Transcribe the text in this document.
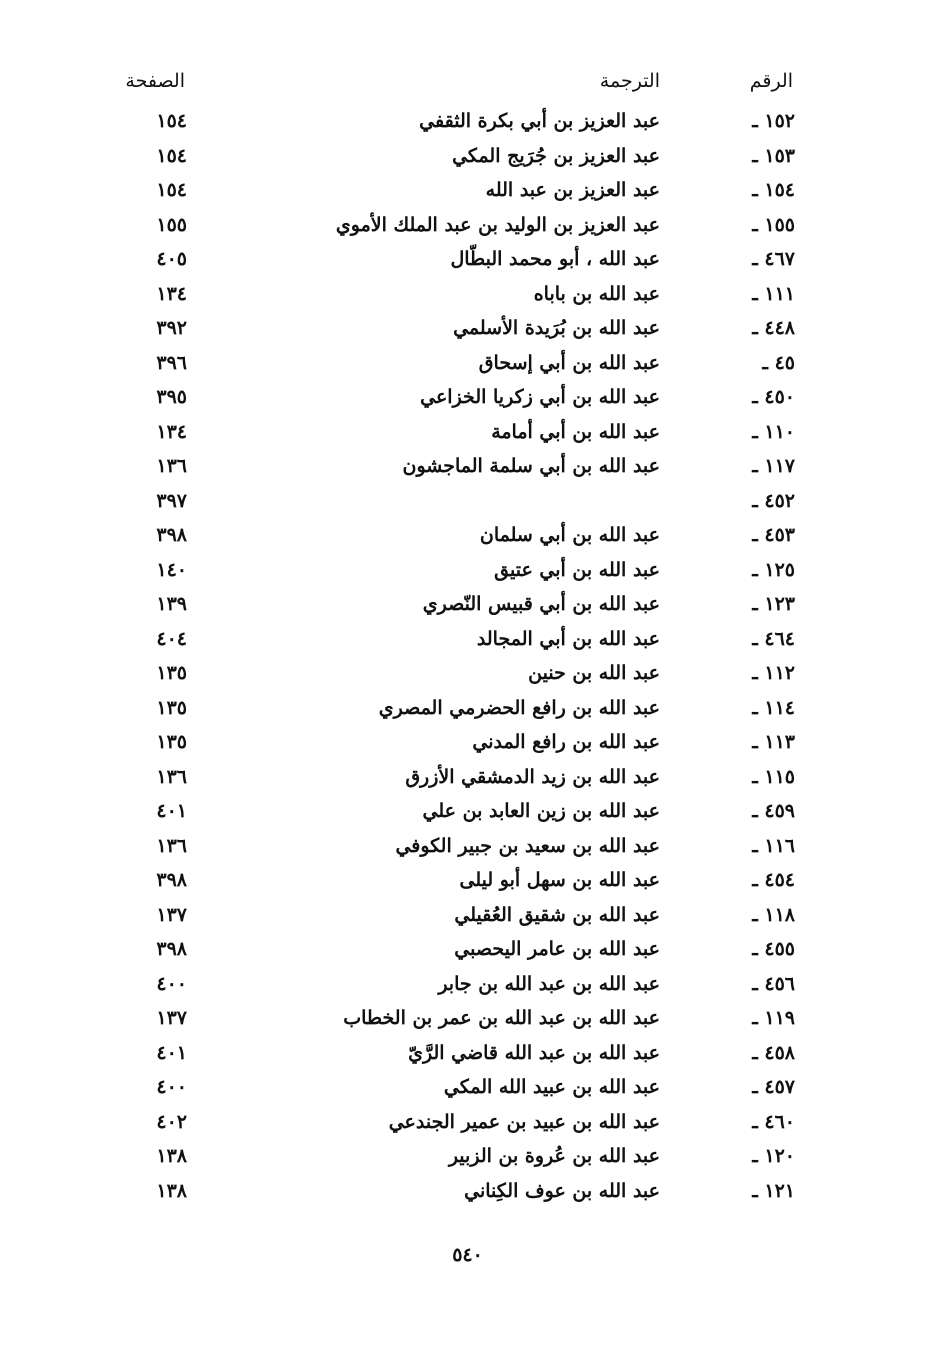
الرقم
الترجمة
الصفحة
١٥٢ ـ
عبد العزيز بن أبي بكرة الثقفي
١٥٤
١٥٣ ـ
عبد العزيز بن جُرَيج المكي
١٥٤
١٥٤ ـ
عبد العزيز بن عبد الله
١٥٤
١٥٥ ـ
عبد العزيز بن الوليد بن عبد الملك الأموي
١٥٥
٤٦٧ ـ
عبد الله ، أبو محمد البطّال
٤٠٥
١١١ ـ
عبد الله بن باباه
١٣٤
٤٤٨ ـ
عبد الله بن بُرَيدة الأسلمي
٣٩٢
٤٥ ـ
عبد الله بن أبي إسحاق
٣٩٦
٤٥٠ ـ
عبد الله بن أبي زكريا الخزاعي
٣٩٥
١١٠ ـ
عبد الله بن أبي أمامة
١٣٤
١١٧ ـ
عبد الله بن أبي سلمة الماجشون
١٣٦
٤٥٢ ـ
٣٩٧
٤٥٣ ـ
عبد الله بن أبي سلمان
٣٩٨
١٢٥ ـ
عبد الله بن أبي عتيق
١٤٠
١٢٣ ـ
عبد الله بن أبي قبيس النّصري
١٣٩
٤٦٤ ـ
عبد الله بن أبي المجالد
٤٠٤
١١٢ ـ
عبد الله بن حنين
١٣٥
١١٤ ـ
عبد الله بن رافع الحضرمي المصري
١٣٥
١١٣ ـ
عبد الله بن رافع المدني
١٣٥
١١٥ ـ
عبد الله بن زيد الدمشقي الأزرق
١٣٦
٤٥٩ ـ
عبد الله بن زين العابد بن علي
٤٠١
١١٦ ـ
عبد الله بن سعيد بن جبير الكوفي
١٣٦
٤٥٤ ـ
عبد الله بن سهل أبو ليلى
٣٩٨
١١٨ ـ
عبد الله بن شقيق العُقيلي
١٣٧
٤٥٥ ـ
عبد الله بن عامر اليحصبي
٣٩٨
٤٥٦ ـ
عبد الله بن عبد الله بن جابر
٤٠٠
١١٩ ـ
عبد الله بن عبد الله بن عمر بن الخطاب
١٣٧
٤٥٨ ـ
عبد الله بن عبد الله قاضي الرَّيّ
٤٠١
٤٥٧ ـ
عبد الله بن عبيد الله المكي
٤٠٠
٤٦٠ ـ
عبد الله بن عبيد بن عمير الجندعي
٤٠٢
١٢٠ ـ
عبد الله بن عُروة بن الزبير
١٣٨
١٢١ ـ
عبد الله بن عوف الكِناني
١٣٨
٥٤٠
